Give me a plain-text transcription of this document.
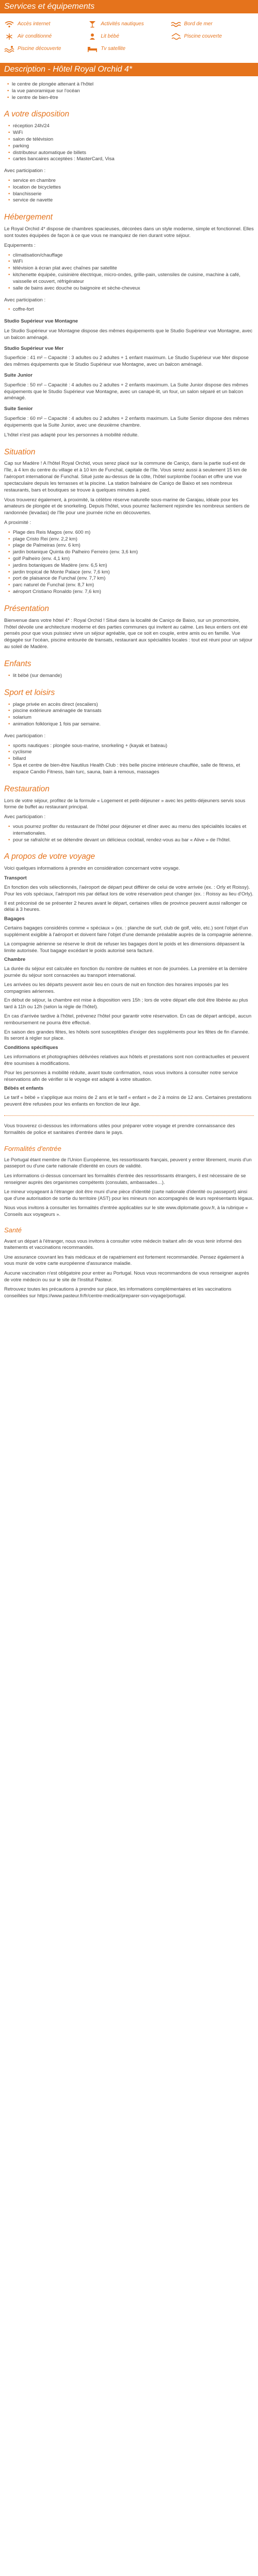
Services et équipements
Accès internet	Activités nautiques	Bord de mer
Air conditionné	Lit bébé	Piscine couverte
Piscine découverte	Tv satellite
Description - Hôtel Royal Orchid 4*
• le centre de plongée attenant à l'hôtel
• la vue panoramique sur l'océan
• le centre de bien-être
A votre disposition
• réception 24h/24
• WiFi
• salon de télévision
• parking
• distributeur automatique de billets
• cartes bancaires acceptées : MasterCard, Visa

Avec participation :

• service en chambre
• location de bicyclettes
• blanchisserie
• service de navette
Hébergement

Le Royal Orchid 4* dispose de chambres spacieuses, décorées dans un style moderne, simple et fonctionnel. Elles sont toutes équipées de façon à ce que vous ne manquiez de rien durant votre séjour.

Equipements :

• climatisation/chauffage
• WiFi
• télévision à écran plat avec chaînes par satellite
• kitchenette équipée, cuisinière électrique, micro-ondes, grille-pain, ustensiles de cuisine, machine à café, vaisselle et couvert, réfrigérateur
• salle de bains avec douche ou baignoire et sèche-cheveux

Avec participation :

• coffre-fort
Studio Supérieur vue Montagne

Le Studio Supérieur vue Montagne dispose des mêmes équipements que le Studio Supérieur vue Montagne, avec un balcon aménagé.

Studio Supérieur vue Mer

Superficie : 41 m² – Capacité : 3 adultes ou 2 adultes + 1 enfant maximum. Le Studio Supérieur vue Mer dispose des mêmes équipements que le Studio Supérieur vue Montagne, avec un balcon aménagé.

Suite Junior

Superficie : 50 m² – Capacité : 4 adultes ou 2 adultes + 2 enfants maximum. La Suite Junior dispose des mêmes équipements que le Studio Supérieur vue Montagne, avec un canapé-lit, un four, un salon séparé et un balcon aménagé.

Suite Senior

Superficie : 60 m² – Capacité : 4 adultes ou 2 adultes + 2 enfants maximum. La Suite Senior dispose des mêmes équipements que la Suite Junior, avec une deuxième chambre.

L'hôtel n'est pas adapté pour les personnes à mobilité réduite.

Situation

Cap sur Madère ! A l'hôtel Royal Orchid, vous serez placé sur la commune de Caniço, dans la partie sud-est de l'île, à 4 km du centre du village et à 10 km de Funchal, capitale de l'île. Vous serez aussi à seulement 15 km de l'aéroport international de Funchal. Situé juste au-dessus de la côte, l'hôtel surplombe l'océan et offre une vue spectaculaire depuis les terrasses et la piscine. La station balnéaire de Caniço de Baixo et ses nombreux restaurants, bars et boutiques se trouve à quelques minutes à pied.

Vous trouverez également, à proximité, la célèbre réserve naturelle sous-marine de Garajau, idéale pour les amateurs de plongée et de snorkeling. Depuis l'hôtel, vous pourrez facilement rejoindre les nombreux sentiers de randonnée (levadas) de l'île pour une journée riche en découvertes.

A proximité :

• Plage des Reis Magos (env. 600 m)
• plage Cristo Rei (env. 2,2 km)
• plage de Palmeiras (env. 6 km)
• jardin botanique Quinta do Palheiro Ferreiro (env. 3,6 km)
• golf Palheiro (env. 4,1 km)
• jardins botaniques de Madère (env. 6,5 km)
• jardin tropical de Monte Palace (env. 7,6 km)
• port de plaisance de Funchal (env. 7,7 km)
• parc naturel de Funchal (env. 8,7 km)
• aéroport Cristiano Ronaldo (env. 7,6 km)
Présentation

Bienvenue dans votre hôtel 4* : Royal Orchid ! Situé dans la localité de Caniço de Baixo, sur un promontoire, l'hôtel dévoile une architecture moderne et des parties communes qui invitent au calme. Les lieux entiers ont été pensés pour que vous puissiez vivre un séjour agréable, que ce soit en couple, entre amis ou en famille. Vue dégagée sur l'océan, piscine entourée de transats, restaurant aux spécialités locales : tout est réuni pour un séjour au soleil de Madère.

Enfants
• lit bébé (sur demande)
Sport et loisirs
• plage privée en accès direct (escaliers)
• piscine extérieure aménagée de transats
• solarium
• animation folklorique 1 fois par semaine.

Avec participation :

• sports nautiques : plongée sous-marine, snorkeling + (kayak et bateau)
• cyclisme
• billard
• Spa et centre de bien-être Nautilus Health Club : très belle piscine intérieure chauffée, salle de fitness, et espace Candio Fitness, bain turc, sauna, bain à remous, massages
Restauration

Lors de votre séjour, profitez de la formule « Logement et petit-déjeuner » avec les petits-déjeuners servis sous forme de buffet au restaurant principal.

Avec participation :

• vous pourrez profiter du restaurant de l'hôtel pour déjeuner et dîner avec au menu des spécialités locales et internationales.
• pour se rafraîchir et se détendre devant un délicieux cocktail, rendez-vous au bar « Alive » de l'hôtel.
A propos de votre voyage

Voici quelques informations à prendre en considération concernant votre voyage.

Transport

En fonction des vols sélectionnés, l'aéroport de départ peut différer de celui de votre arrivée (ex. : Orly et Roissy). Pour les vols spéciaux, l'aéroport mis par défaut lors de votre réservation peut changer (ex. : Roissy au lieu d'Orly).

Il est préconisé de se présenter 2 heures avant le départ, certaines villes de province peuvent aussi rallonger ce délai à 3 heures.

Bagages

Certains bagages considérés comme « spéciaux » (ex. : planche de surf, club de golf, vélo, etc.) sont l'objet d'un supplément exigible à l'aéroport et doivent faire l'objet d'une demande préalable auprès de la compagnie aérienne.

La compagnie aérienne se réserve le droit de refuser les bagages dont le poids et les dimensions dépassent la limite autorisée. Tout bagage excédant le poids autorisé sera facturé.

Chambre

La durée du séjour est calculée en fonction du nombre de nuitées et non de journées. La première et la dernière journée du séjour sont consacrées au transport international.

Les arrivées ou les départs peuvent avoir lieu en cours de nuit en fonction des horaires imposés par les compagnies aériennes.

En début de séjour, la chambre est mise à disposition vers 15h ; lors de votre départ elle doit être libérée au plus tard à 11h ou 12h (selon la règle de l'hôtel).

En cas d'arrivée tardive à l'hôtel, prévenez l'hôtel pour garantir votre réservation. En cas de départ anticipé, aucun remboursement ne pourra être effectué.

En saison des grandes fêtes, les hôtels sont susceptibles d'exiger des suppléments pour les fêtes de fin d'année. Ils seront à régler sur place.

Conditions spécifiques

Les informations et photographies délivrées relatives aux hôtels et prestations sont non contractuelles et peuvent être soumises à modifications.

Pour les personnes à mobilité réduite, avant toute confirmation, nous vous invitons à consulter notre service réservations afin de vérifier si le voyage est adapté à votre situation.

Bébés et enfants

Le tarif « bébé » s'applique aux moins de 2 ans et le tarif « enfant » de 2 à moins de 12 ans. Certaines prestations peuvent être refusées pour les enfants en fonction de leur âge.

Vous trouverez ci-dessous les informations utiles pour préparer votre voyage et prendre connaissance des formalités de police et sanitaires d'entrée dans le pays.

Formalités d'entrée

Le Portugal étant membre de l'Union Européenne, les ressortissants français, peuvent y entrer librement, munis d'un passeport ou d'une carte nationale d'identité en cours de validité.

Les informations ci-dessus concernant les formalités d'entrée des ressortissants étrangers, il est nécessaire de se renseigner auprès des organismes compétents (consulats, ambassades…).

Le mineur voyageant à l'étranger doit être muni d'une pièce d'identité (carte nationale d'identité ou passeport) ainsi que d'une autorisation de sortie du territoire (AST) pour les mineurs non accompagnés de leurs représentants légaux.

Nous vous invitons à consulter les formalités d'entrée applicables sur le site www.diplomatie.gouv.fr, à la rubrique « Conseils aux voyageurs ».

Santé

Avant un départ à l'étranger, nous vous invitons à consulter votre médecin traitant afin de vous tenir informé des traitements et vaccinations recommandés.

Une assurance couvrant les frais médicaux et de rapatriement est fortement recommandée. Pensez également à vous munir de votre carte européenne d'assurance maladie.

Aucune vaccination n'est obligatoire pour entrer au Portugal. Nous vous recommandons de vous renseigner auprès de votre médecin ou sur le site de l'Institut Pasteur.

Retrouvez toutes les précautions à prendre sur place, les informations complémentaires et les vaccinations conseillées sur https://www.pasteur.fr/fr/centre-medical/preparer-son-voyage/portugal.
